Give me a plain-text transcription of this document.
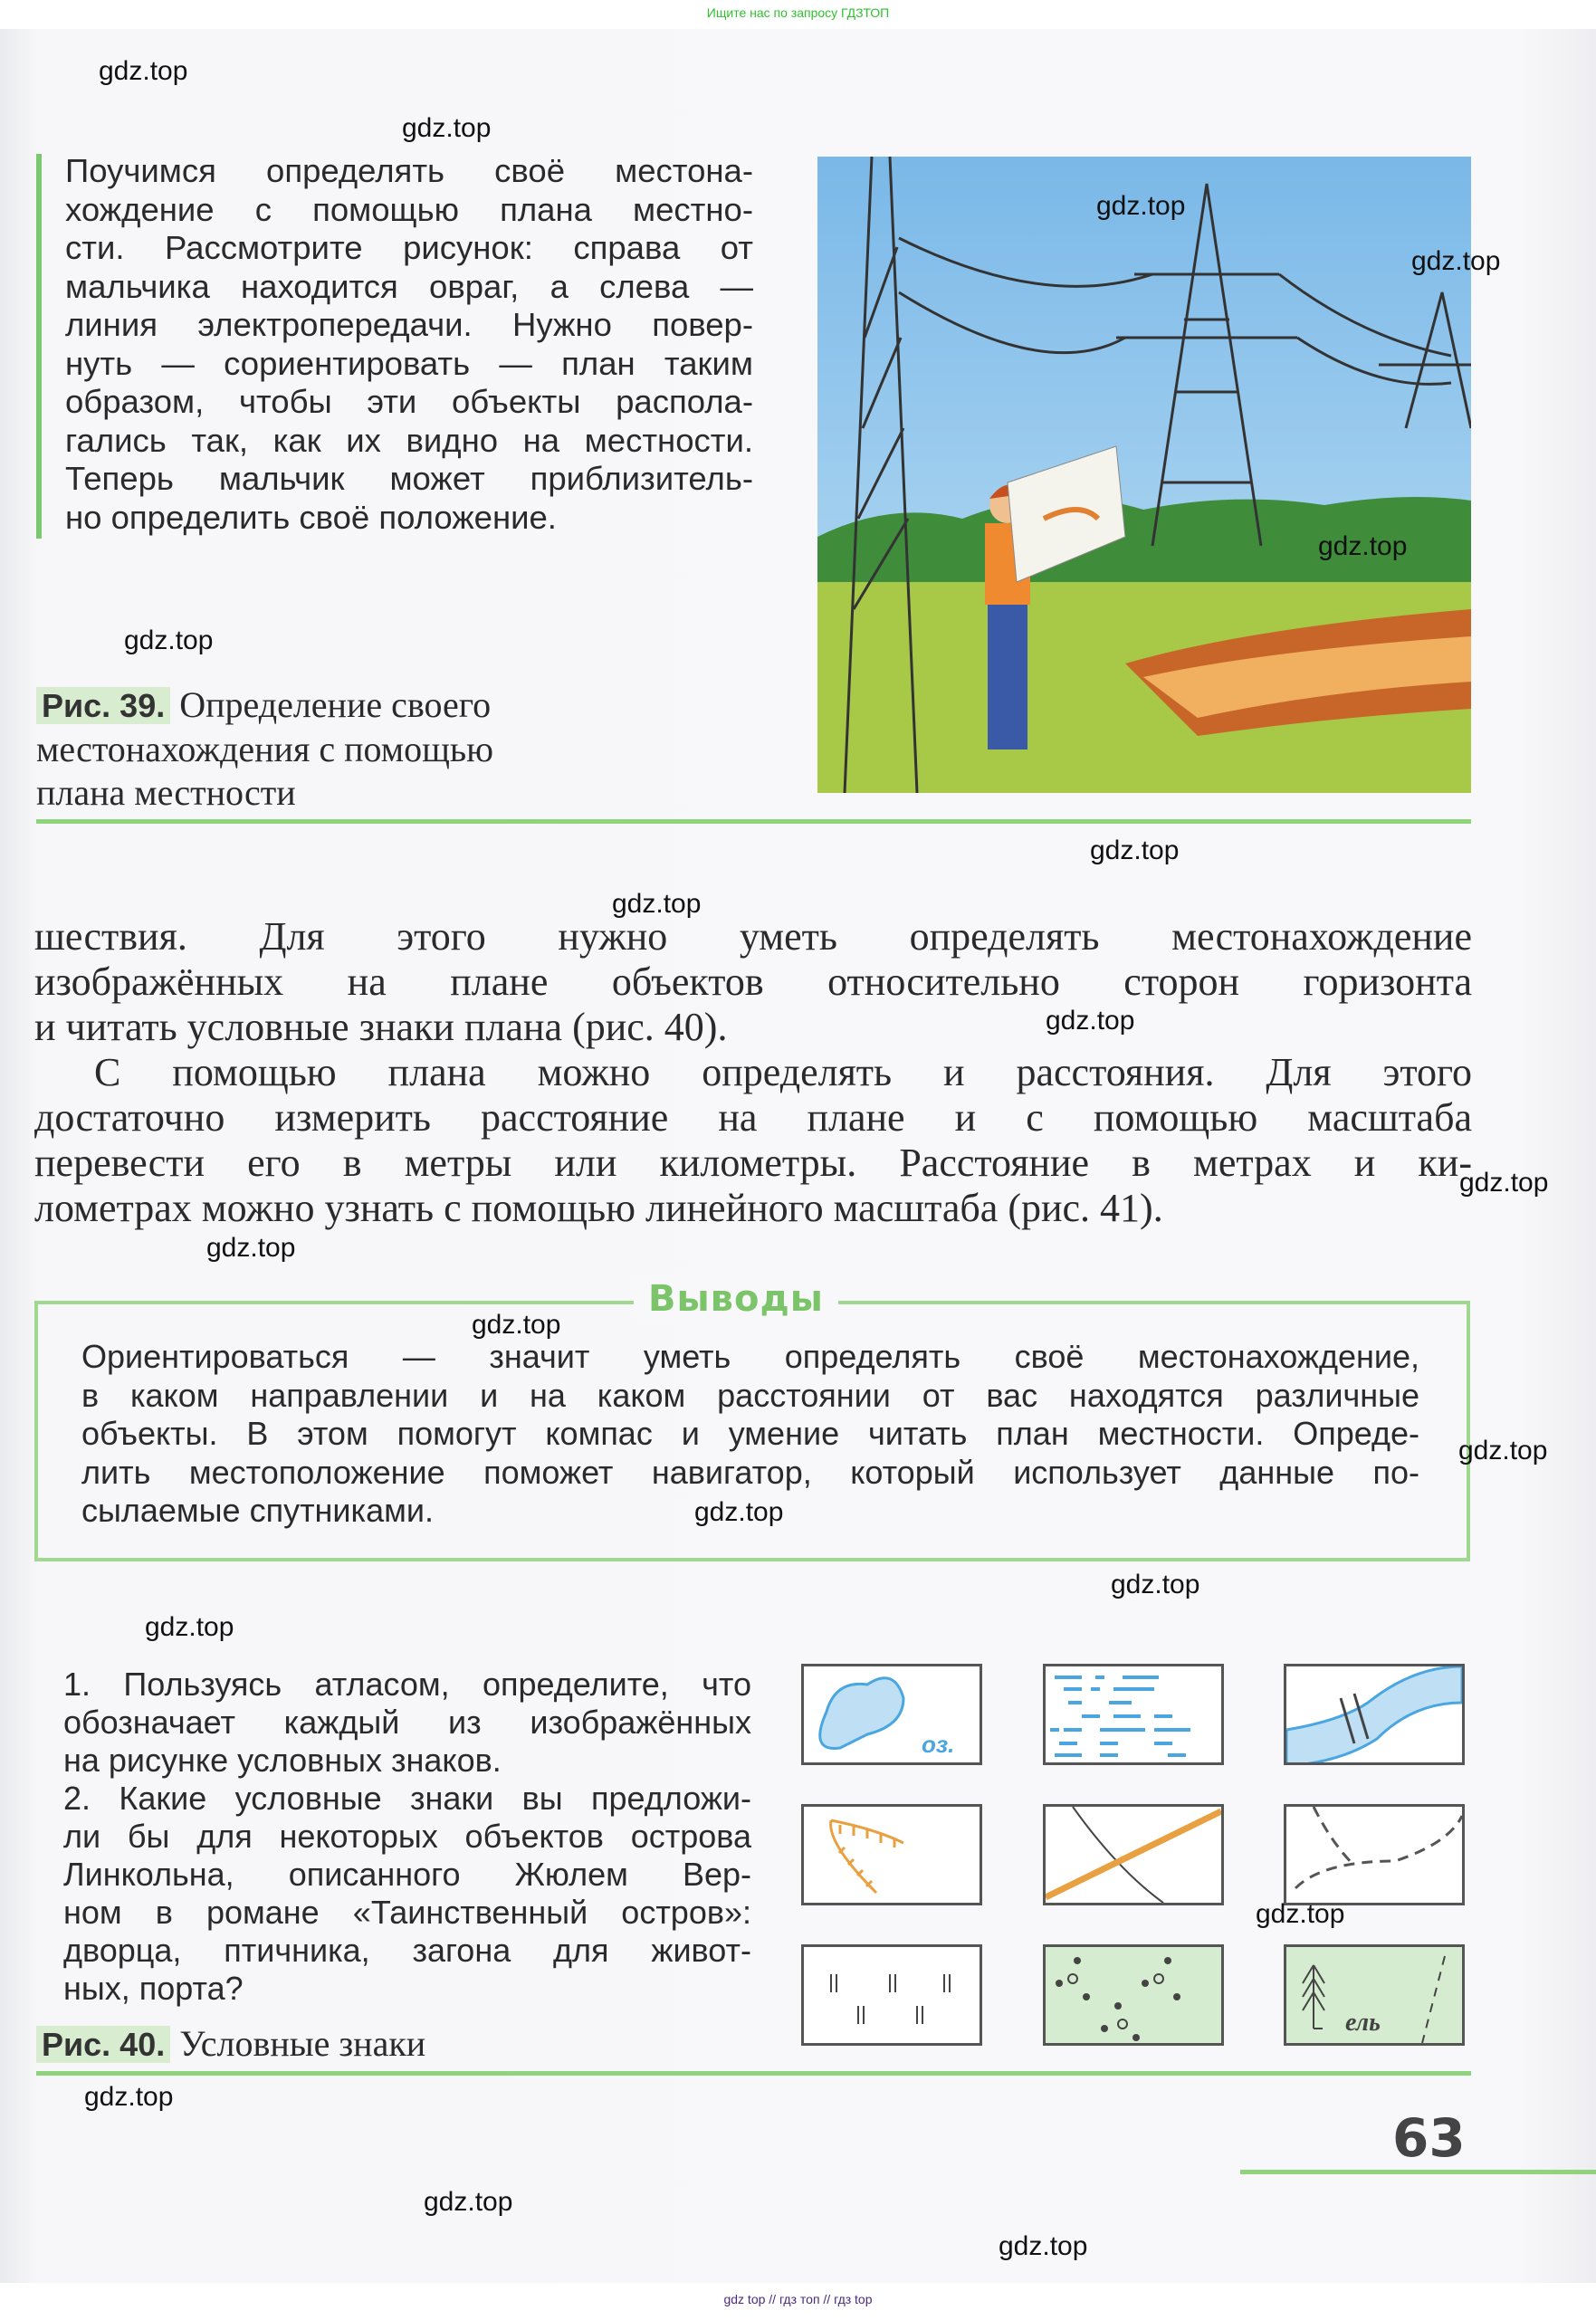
Ищите нас по запросу ГДЗТОП
Поучимся определять своё местона-
хождение с помощью плана местно-
сти. Рассмотрите рисунок: справа от
мальчика находится овраг, а слева —
линия электропередачи. Нужно повер-
нуть — сориентировать — план таким
образом, чтобы эти объекты распола-
гались так, как их видно на местности.
Теперь мальчик может приблизитель-
но определить своё положение.
Рис. 39. Определение своего
местонахождения с помощью
плана местности
шествия. Для этого нужно уметь определять местонахождение
изображённых на плане объектов относительно сторон горизонта
и читать условные знаки плана (рис. 40).
С помощью плана можно определять и расстояния. Для этого
достаточно измерить расстояние на плане и с помощью масштаба
перевести его в метры или километры. Расстояние в метрах и ки-
лометрах можно узнать с помощью линейного масштаба (рис. 41).
Выводы
Ориентироваться — значит уметь определять своё местонахождение,
в каком направлении и на каком расстоянии от вас находятся различные
объекты. В этом помогут компас и умение читать план местности. Опреде-
лить местоположение поможет навигатор, который использует данные по-
сылаемые спутниками.
1. Пользуясь атласом, определите, что
обозначает каждый из изображённых
на рисунке условных знаков.
2. Какие условные знаки вы предложи-
ли бы для некоторых объектов острова
Линкольна, описанного Жюлем Вер-
ном в романе «Таинственный остров»:
дворца, птичника, загона для живот-
ных, порта?
оз.
ель
Рис. 40. Условные знаки
63
gdz.top
gdz.top
gdz.top
gdz.top
gdz.top
gdz.top
gdz.top
gdz.top
gdz.top
gdz.top
gdz.top
gdz.top
gdz.top
gdz.top
gdz.top
gdz.top
gdz.top
gdz.top
gdz.top
gdz.top
gdz top // гдз топ // гдз top
